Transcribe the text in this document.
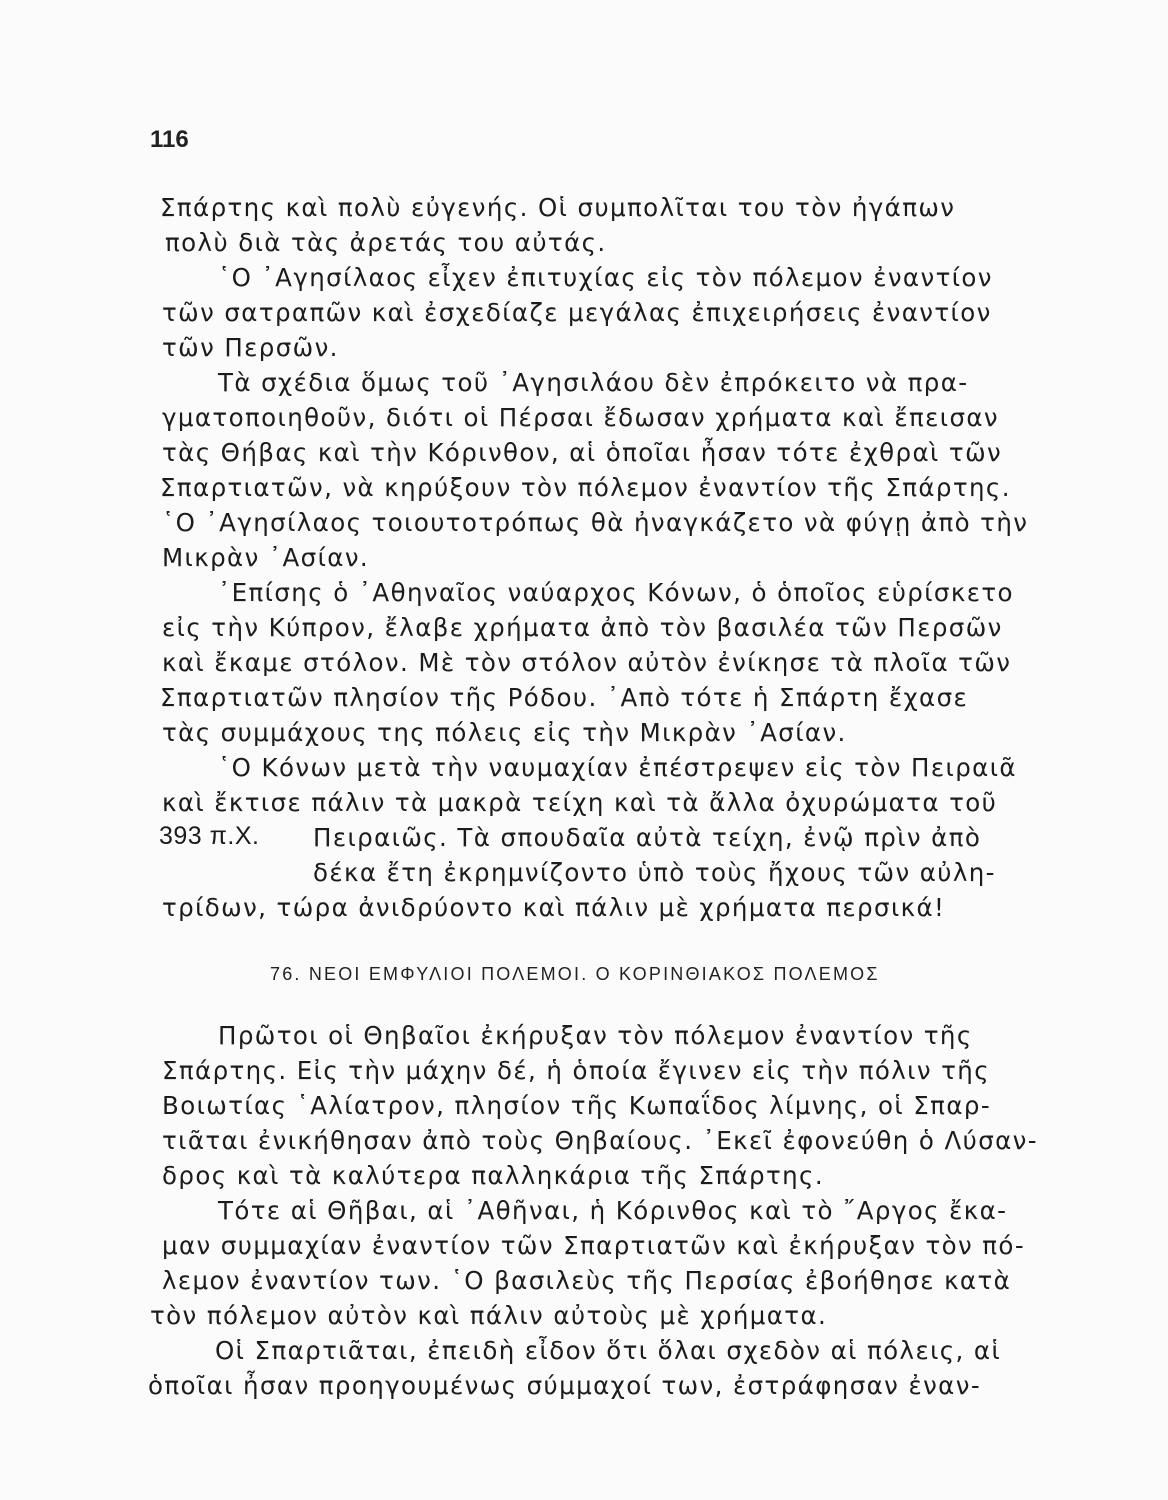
116
Σπάρτης καὶ πολὺ εὐγενής. Οἱ συμπολῖται του τὸν ἠγάπων
πολὺ διὰ τὰς ἀρετάς του αὐτάς.
῾Ο ᾿Αγησίλαος εἶχεν ἐπιτυχίας εἰς τὸν πόλεμον ἐναντίον
τῶν σατραπῶν καὶ ἐσχεδίαζε μεγάλας ἐπιχειρήσεις ἐναντίον
τῶν Περσῶν.
Τὰ σχέδια ὅμως τοῦ ᾿Αγησιλάου δὲν ἐπρόκειτο νὰ πρα-
γματοποιηθοῦν, διότι οἱ Πέρσαι ἔδωσαν χρήματα καὶ ἔπεισαν
τὰς Θήβας καὶ τὴν Κόρινθον, αἱ ὁποῖαι ἦσαν τότε ἐχθραὶ τῶν
Σπαρτιατῶν, νὰ κηρύξουν τὸν πόλεμον ἐναντίον τῆς Σπάρτης.
῾Ο ᾿Αγησίλαος τοιουτοτρόπως θὰ ἠναγκάζετο νὰ φύγῃ ἀπὸ τὴν
Μικρὰν ᾿Ασίαν.
᾿Επίσης ὁ ᾿Αθηναῖος ναύαρχος Κόνων, ὁ ὁποῖος εὑρίσκετο
εἰς τὴν Κύπρον, ἔλαβε χρήματα ἀπὸ τὸν βασιλέα τῶν Περσῶν
καὶ ἔκαμε στόλον. Μὲ τὸν στόλον αὐτὸν ἐνίκησε τὰ πλοῖα τῶν
Σπαρτιατῶν πλησίον τῆς Ρόδου. ᾿Απὸ τότε ἡ Σπάρτη ἔχασε
τὰς συμμάχους της πόλεις εἰς τὴν Μικρὰν ᾿Ασίαν.
῾Ο Κόνων μετὰ τὴν ναυμαχίαν ἐπέστρεψεν εἰς τὸν Πειραιᾶ
καὶ ἔκτισε πάλιν τὰ μακρὰ τείχη καὶ τὰ ἄλλα ὀχυρώματα τοῦ
393 π.Χ. Πειραιῶς. Τὰ σπουδαῖα αὐτὰ τείχη, ἐνῷ πρὶν ἀπὸ
δέκα ἔτη ἐκρημνίζοντο ὑπὸ τοὺς ἤχους τῶν αὐλη-
τρίδων, τώρα ἀνιδρύοντο καὶ πάλιν μὲ χρήματα περσικά!
76. ΝΕΟΙ ΕΜΦΥΛΙΟΙ ΠΟΛΕΜΟΙ. Ο ΚΟΡΙΝΘΙΑΚΟΣ ΠΟΛΕΜΟΣ
Πρῶτοι οἱ Θηβαῖοι ἐκήρυξαν τὸν πόλεμον ἐναντίον τῆς
Σπάρτης. Εἰς τὴν μάχην δέ, ἡ ὁποία ἔγινεν εἰς τὴν πόλιν τῆς
Βοιωτίας ῾Αλίατρον, πλησίον τῆς Κωπαΐδος λίμνης, οἱ Σπαρ-
τιᾶται ἐνικήθησαν ἀπὸ τοὺς Θηβαίους. ᾿Εκεῖ ἐφονεύθη ὁ Λύσαν-
δρος καὶ τὰ καλύτερα παλληκάρια τῆς Σπάρτης.
Τότε αἱ Θῆβαι, αἱ ᾿Αθῆναι, ἡ Κόρινθος καὶ τὸ ῎Αργος ἔκα-
μαν συμμαχίαν ἐναντίον τῶν Σπαρτιατῶν καὶ ἐκήρυξαν τὸν πό-
λεμον ἐναντίον των. ῾Ο βασιλεὺς τῆς Περσίας ἐβοήθησε κατὰ
τὸν πόλεμον αὐτὸν καὶ πάλιν αὐτοὺς μὲ χρήματα.
Οἱ Σπαρτιᾶται, ἐπειδὴ εἶδον ὅτι ὅλαι σχεδὸν αἱ πόλεις, αἱ
ὁποῖαι ἦσαν προηγουμένως σύμμαχοί των, ἐστράφησαν ἐναν-
